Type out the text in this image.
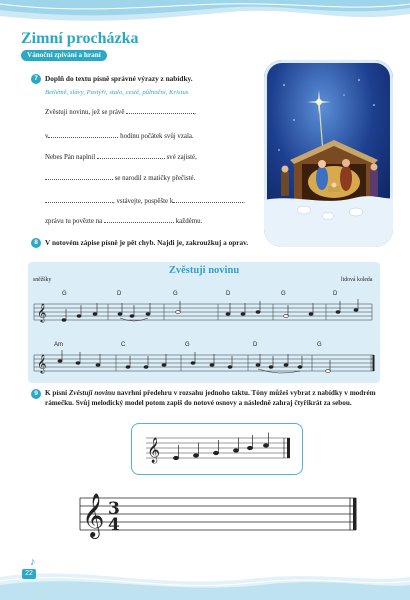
Zimní procházka
Vánoční zpívání a hraní
7 Doplň do textu písně správné výrazy z nabídky.
Betlémě, slávy, Pastýři, stalo, cestě, půlnoční, Kristus
Zvěstuji novinu, jež se právě	,
v	hodinu počátek svůj vzala.
Nebes Pán naplnil	své zajisté,
se narodil z matičky přečisté.
, vstávejte, pospěšte k	.
zprávu tu povězte na	každému.
8 V notovém zápise písně je pět chyb. Najdi je, zakroužkuj a oprav.
Zvěstuji novinu
sněžšky	lidová koleda
G	D	G	D	G	D
𝄞
Am	C	G	D	G
𝄞
9 K písni Zvěstuji novinu navrhni předehru v rozsahu jednoho taktu. Tóny můžeš vybrat z nabídky v modrém rámečku. Svůj melodický model potom zapiš do notové osnovy a následně zahraj čtyřikrát za sebou.
𝄞
𝄞 3
4
♪
22
